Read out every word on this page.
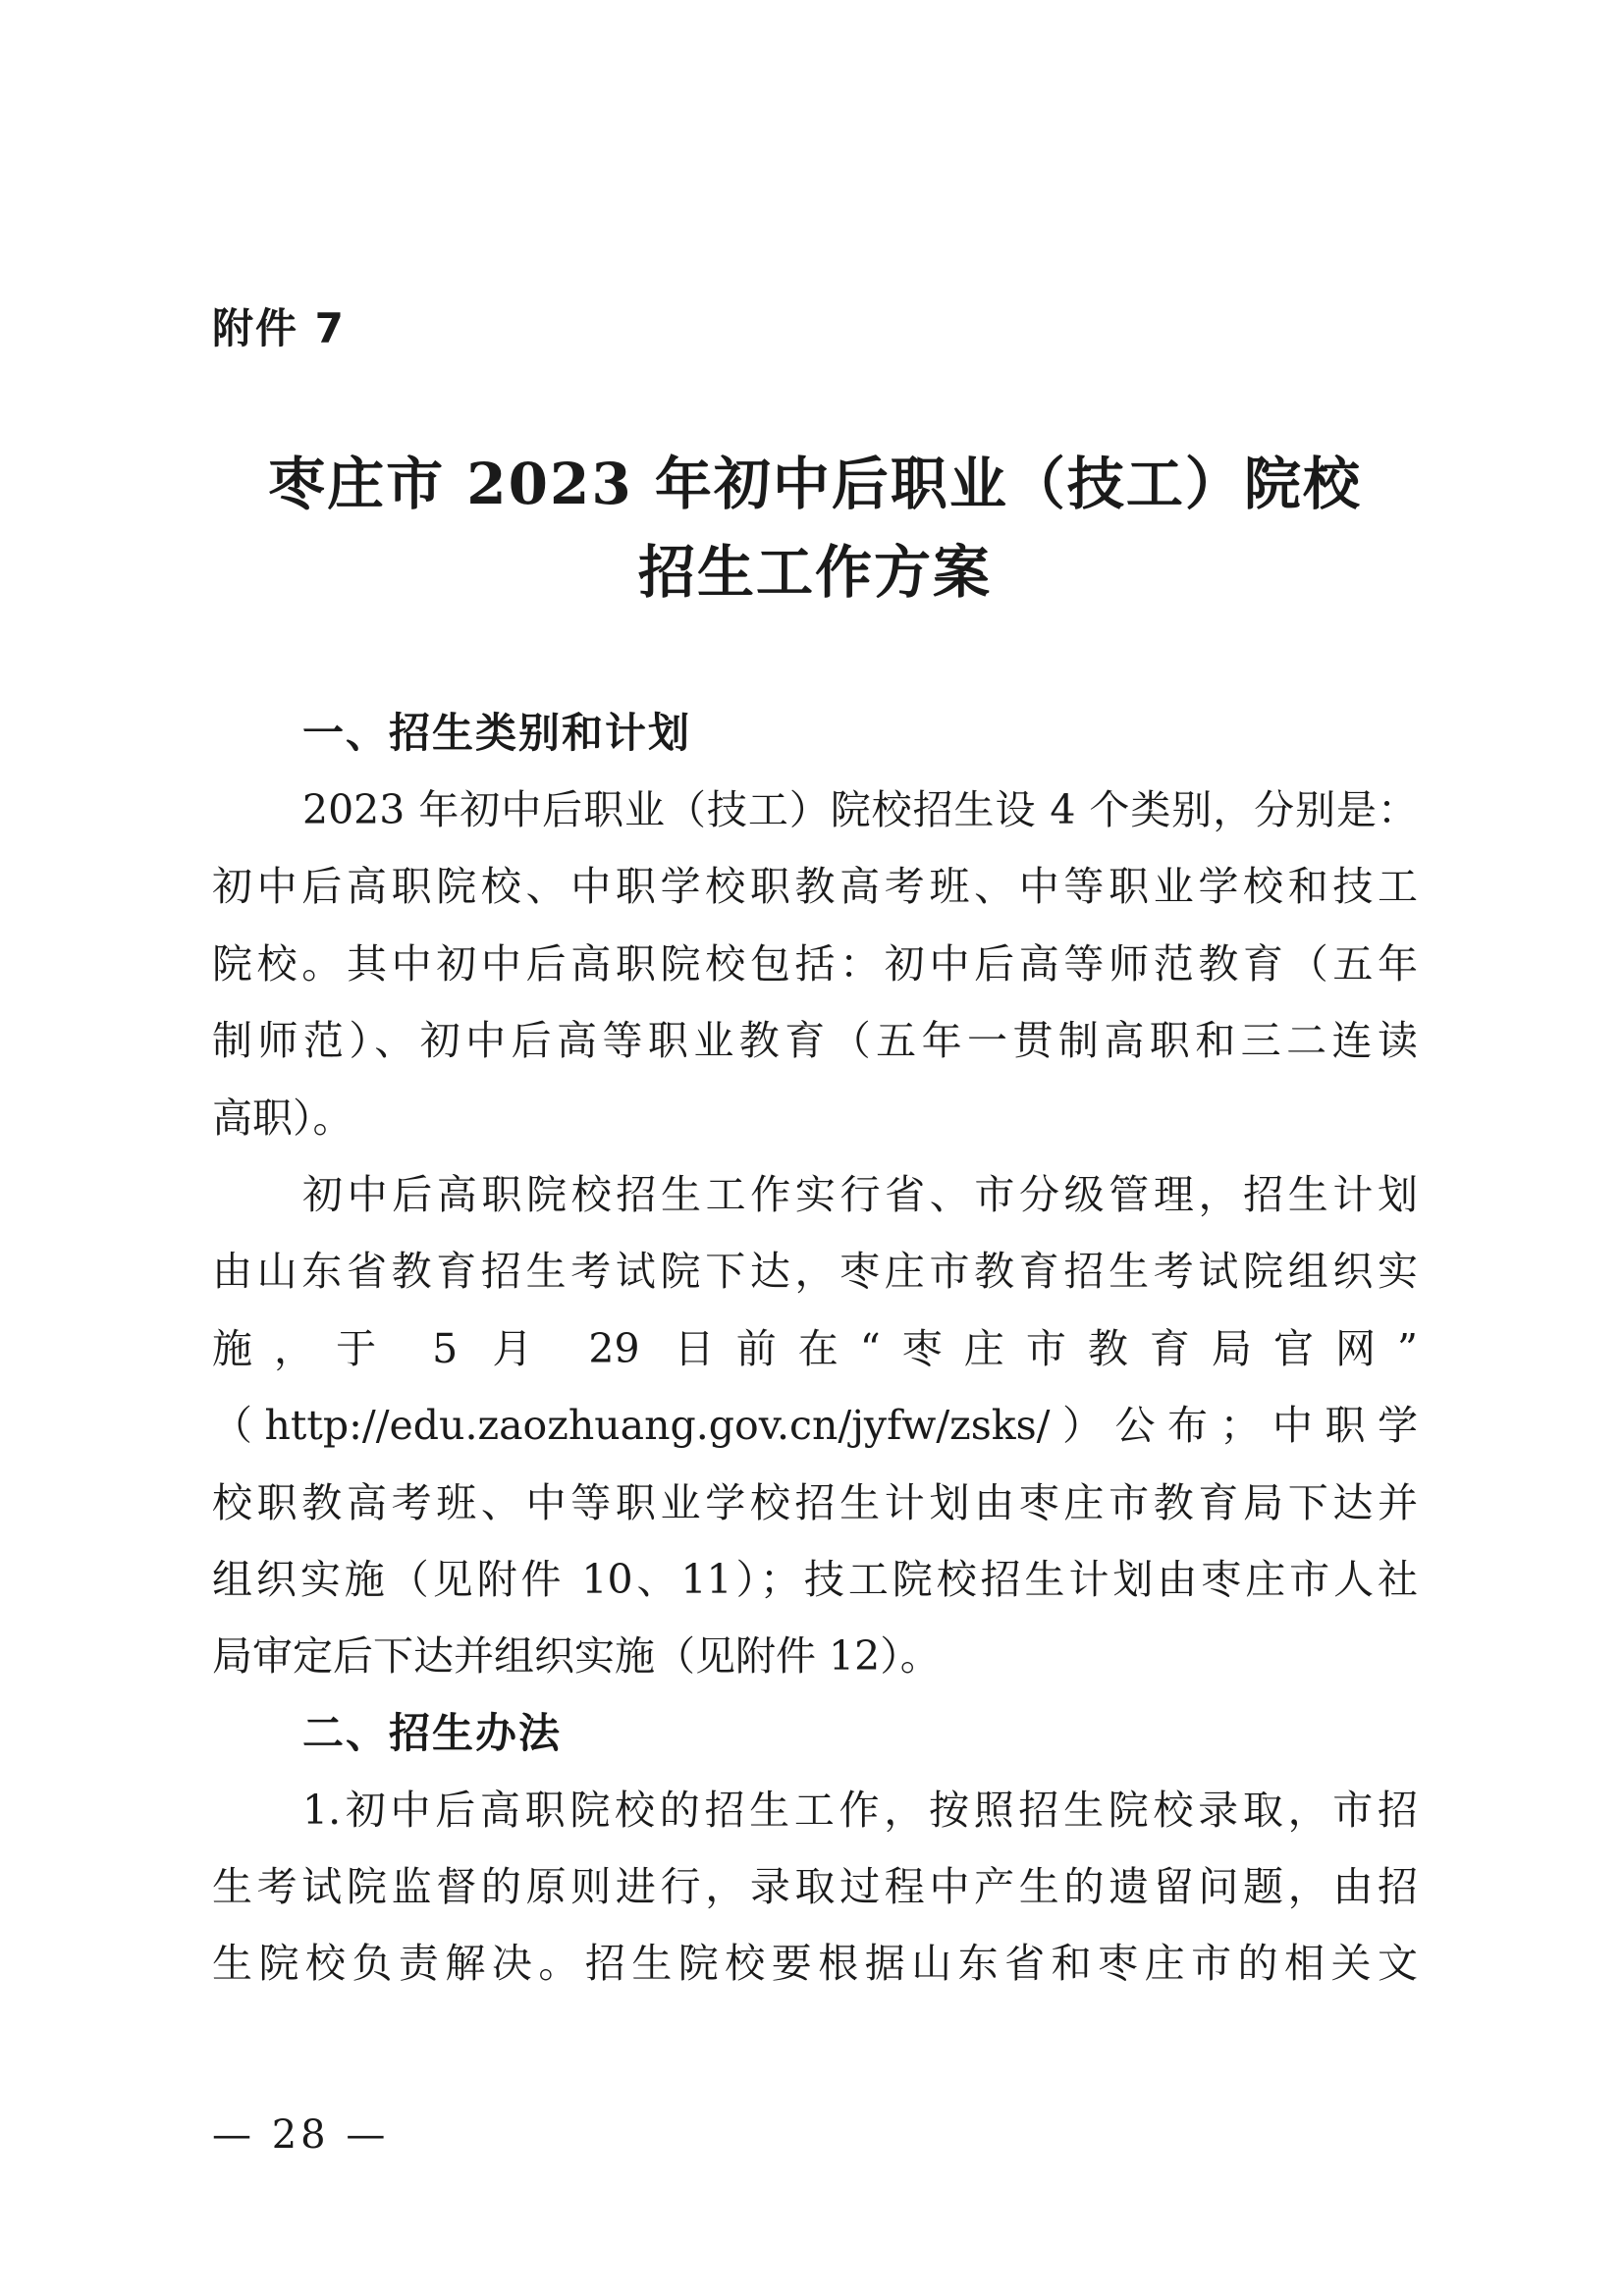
附件 7
枣庄市 2023 年初中后职业（技工）院校
招生工作方案
一、招生类别和计划
2023 年初中后职业（技工）院校招生设 4 个类别，分别是：
初中后高职院校、中职学校职教高考班、中等职业学校和技工
院校。其中初中后高职院校包括：初中后高等师范教育（五年
制师范）、初中后高等职业教育（五年一贯制高职和三二连读
高职）。
初中后高职院校招生工作实行省、市分级管理，招生计划
由山东省教育招生考试院下达，枣庄市教育招生考试院组织实
施，于 5 月 29 日前在“枣庄市教育局官网”
（http://edu.zaozhuang.gov.cn/jyfw/zsks/）公布；中职学
校职教高考班、中等职业学校招生计划由枣庄市教育局下达并
组织实施（见附件 10、11）；技工院校招生计划由枣庄市人社
局审定后下达并组织实施（见附件 12）。
二、招生办法
1.初中后高职院校的招生工作，按照招生院校录取，市招
生考试院监督的原则进行，录取过程中产生的遗留问题，由招
生院校负责解决。招生院校要根据山东省和枣庄市的相关文
— 28 —
